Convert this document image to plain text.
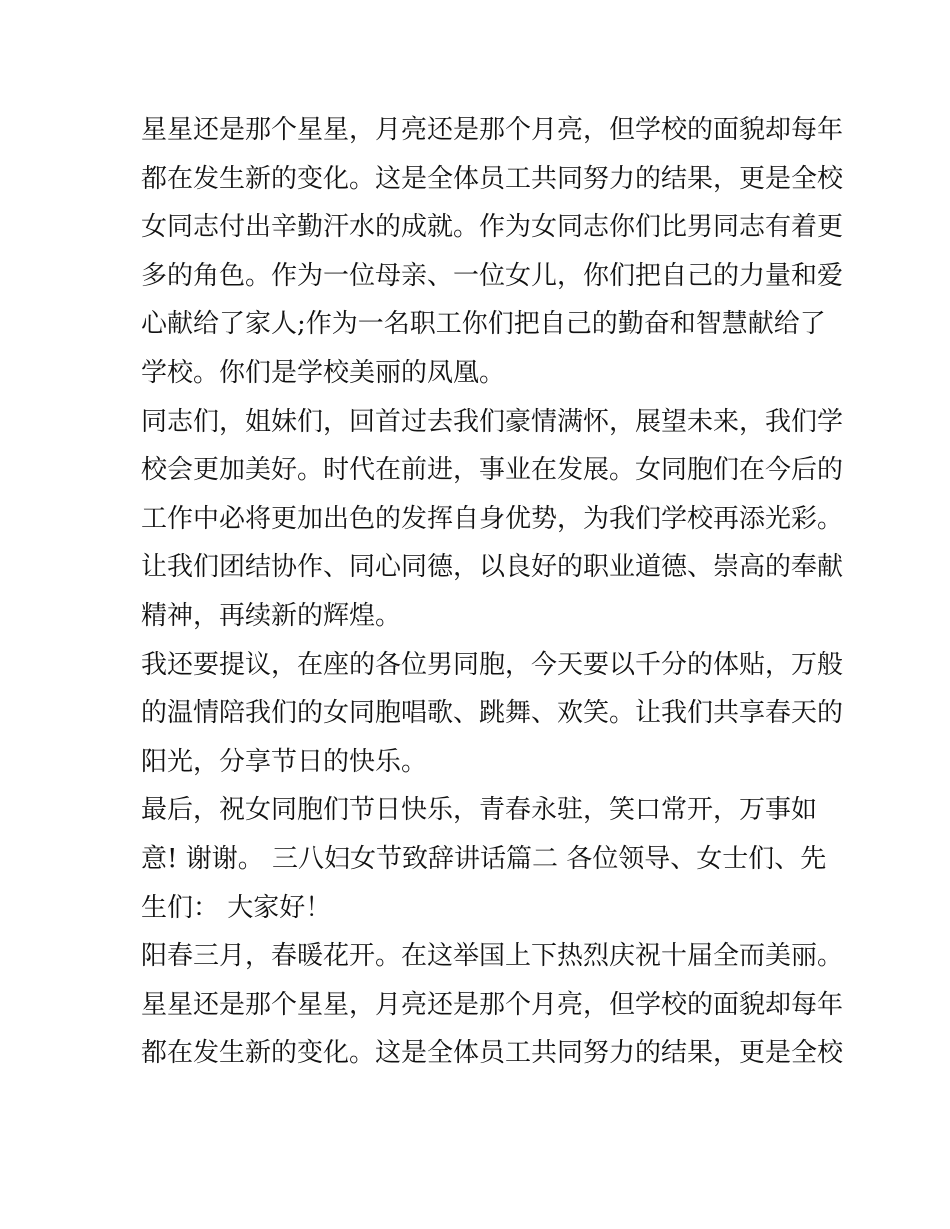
星星还是那个星星，月亮还是那个月亮，但学校的面貌却每年
都在发生新的变化。这是全体员工共同努力的结果，更是全校
女同志付出辛勤汗水的成就。作为女同志你们比男同志有着更
多的角色。作为一位母亲、一位女儿，你们把自己的力量和爱
心献给了家人;作为一名职工你们把自己的勤奋和智慧献给了
学校。你们是学校美丽的凤凰。
同志们，姐妹们，回首过去我们豪情满怀，展望未来，我们学
校会更加美好。时代在前进，事业在发展。女同胞们在今后的
工作中必将更加出色的发挥自身优势，为我们学校再添光彩。
让我们团结协作、同心同德，以良好的职业道德、崇高的奉献
精神，再续新的辉煌。
我还要提议，在座的各位男同胞，今天要以千分的体贴，万般
的温情陪我们的女同胞唱歌、跳舞、欢笑。让我们共享春天的
阳光，分享节日的快乐。
最后，祝女同胞们节日快乐，青春永驻，笑口常开，万事如
意! 谢谢。 三八妇女节致辞讲话篇二 各位领导、女士们、先
生们： 大家好！
阳春三月，春暖花开。在这举国上下热烈庆祝十届全而美丽。
星星还是那个星星，月亮还是那个月亮，但学校的面貌却每年
都在发生新的变化。这是全体员工共同努力的结果，更是全校
